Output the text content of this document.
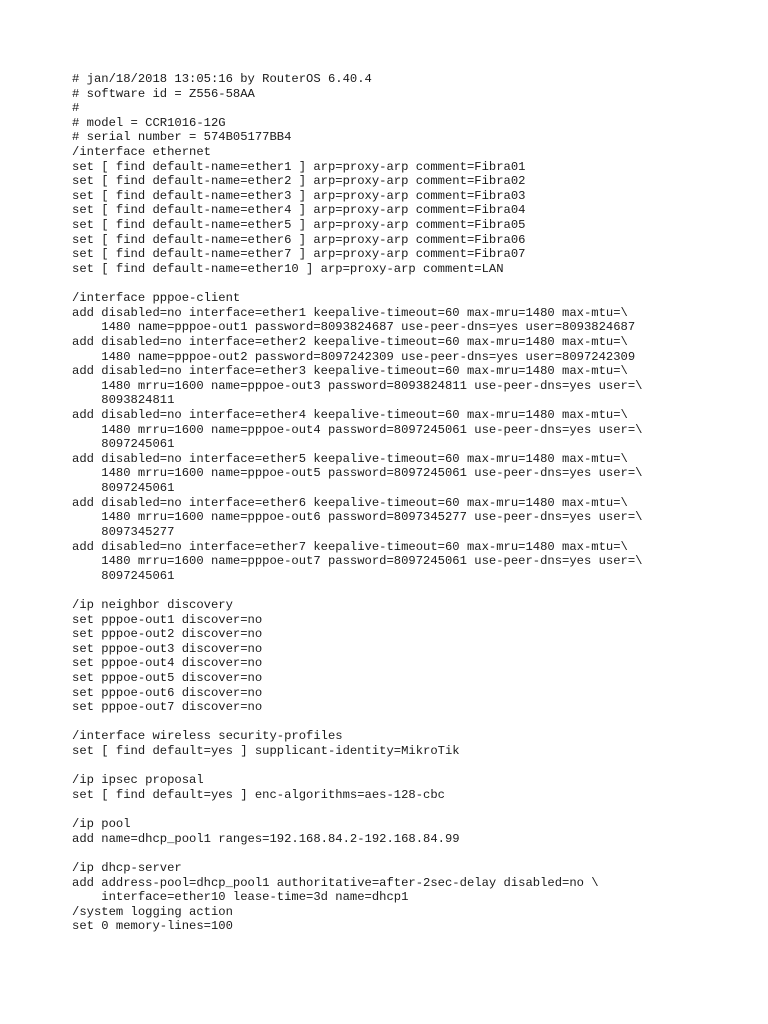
# jan/18/2018 13:05:16 by RouterOS 6.40.4
# software id = Z556-58AA
#
# model = CCR1016-12G
# serial number = 574B05177BB4
/interface ethernet
set [ find default-name=ether1 ] arp=proxy-arp comment=Fibra01
set [ find default-name=ether2 ] arp=proxy-arp comment=Fibra02
set [ find default-name=ether3 ] arp=proxy-arp comment=Fibra03
set [ find default-name=ether4 ] arp=proxy-arp comment=Fibra04
set [ find default-name=ether5 ] arp=proxy-arp comment=Fibra05
set [ find default-name=ether6 ] arp=proxy-arp comment=Fibra06
set [ find default-name=ether7 ] arp=proxy-arp comment=Fibra07
set [ find default-name=ether10 ] arp=proxy-arp comment=LAN
/interface pppoe-client
add disabled=no interface=ether1 keepalive-timeout=60 max-mru=1480 max-mtu=\
1480 name=pppoe-out1 password=8093824687 use-peer-dns=yes user=8093824687
add disabled=no interface=ether2 keepalive-timeout=60 max-mru=1480 max-mtu=\
1480 name=pppoe-out2 password=8097242309 use-peer-dns=yes user=8097242309
add disabled=no interface=ether3 keepalive-timeout=60 max-mru=1480 max-mtu=\
1480 mrru=1600 name=pppoe-out3 password=8093824811 use-peer-dns=yes user=\
8093824811
add disabled=no interface=ether4 keepalive-timeout=60 max-mru=1480 max-mtu=\
1480 mrru=1600 name=pppoe-out4 password=8097245061 use-peer-dns=yes user=\
8097245061
add disabled=no interface=ether5 keepalive-timeout=60 max-mru=1480 max-mtu=\
1480 mrru=1600 name=pppoe-out5 password=8097245061 use-peer-dns=yes user=\
8097245061
add disabled=no interface=ether6 keepalive-timeout=60 max-mru=1480 max-mtu=\
1480 mrru=1600 name=pppoe-out6 password=8097345277 use-peer-dns=yes user=\
8097345277
add disabled=no interface=ether7 keepalive-timeout=60 max-mru=1480 max-mtu=\
1480 mrru=1600 name=pppoe-out7 password=8097245061 use-peer-dns=yes user=\
8097245061
/ip neighbor discovery
set pppoe-out1 discover=no
set pppoe-out2 discover=no
set pppoe-out3 discover=no
set pppoe-out4 discover=no
set pppoe-out5 discover=no
set pppoe-out6 discover=no
set pppoe-out7 discover=no
/interface wireless security-profiles
set [ find default=yes ] supplicant-identity=MikroTik
/ip ipsec proposal
set [ find default=yes ] enc-algorithms=aes-128-cbc
/ip pool
add name=dhcp_pool1 ranges=192.168.84.2-192.168.84.99
/ip dhcp-server
add address-pool=dhcp_pool1 authoritative=after-2sec-delay disabled=no \
interface=ether10 lease-time=3d name=dhcp1
/system logging action
set 0 memory-lines=100
